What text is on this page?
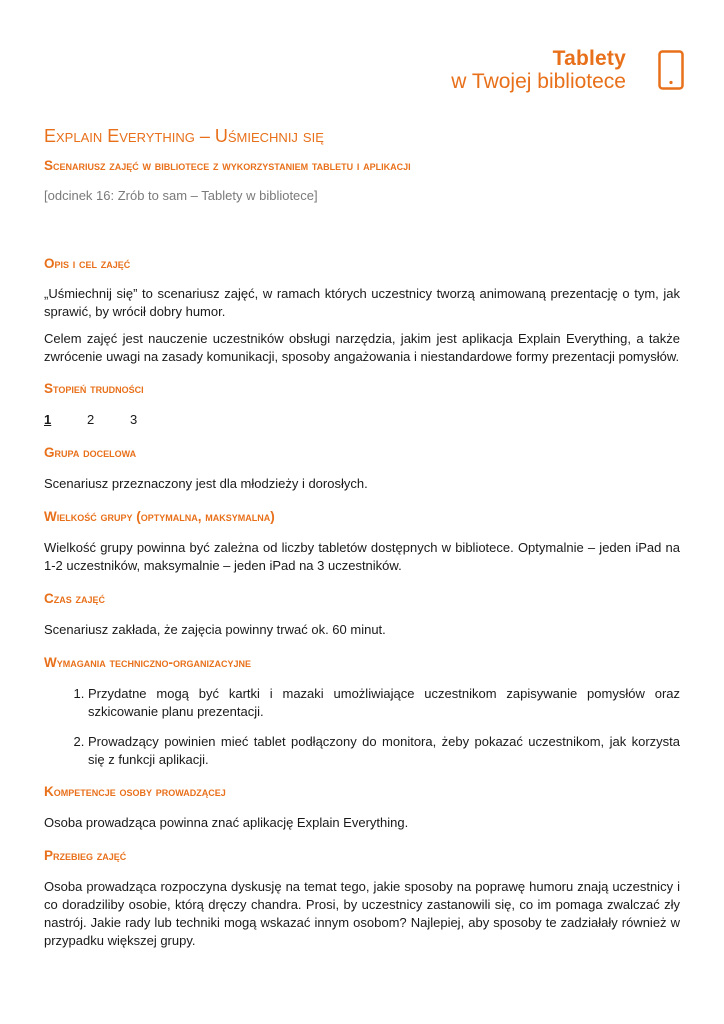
Tablety
w Twojej bibliotece
Explain Everything – Uśmiechnij się
Scenariusz zajęć w bibliotece z wykorzystaniem tabletu i aplikacji
[odcinek 16: Zrób to sam – Tablety w bibliotece]
Opis i cel zajęć

„Uśmiechnij się” to scenariusz zajęć, w ramach których uczestnicy tworzą animowaną prezentację o tym, jak sprawić, by wrócił dobry humor.

Celem zajęć jest nauczenie uczestników obsługi narzędzia, jakim jest aplikacja Explain Everything, a także zwrócenie uwagi na zasady komunikacji, sposoby angażowania i niestandardowe formy prezentacji pomysłów.

Stopień trudności
1	2	3
Grupa docelowa

Scenariusz przeznaczony jest dla młodzieży i dorosłych.

Wielkość grupy (optymalna, maksymalna)

Wielkość grupy powinna być zależna od liczby tabletów dostępnych w bibliotece. Optymalnie – jeden iPad na 1-2 uczestników, maksymalnie – jeden iPad na 3 uczestników.

Czas zajęć

Scenariusz zakłada, że zajęcia powinny trwać ok. 60 minut.

Wymagania techniczno-organizacyjne
1. Przydatne mogą być kartki i mazaki umożliwiające uczestnikom zapisywanie pomysłów oraz szkicowanie planu prezentacji.
2. Prowadzący powinien mieć tablet podłączony do monitora, żeby pokazać uczestnikom, jak korzysta się z funkcji aplikacji.
Kompetencje osoby prowadzącej

Osoba prowadząca powinna znać aplikację Explain Everything.

Przebieg zajęć

Osoba prowadząca rozpoczyna dyskusję na temat tego, jakie sposoby na poprawę humoru znają uczestnicy i co doradziliby osobie, którą dręczy chandra. Prosi, by uczestnicy zastanowili się, co im pomaga zwalczać zły nastrój. Jakie rady lub techniki mogą wskazać innym osobom? Najlepiej, aby sposoby te zadziałały również w przypadku większej grupy.
